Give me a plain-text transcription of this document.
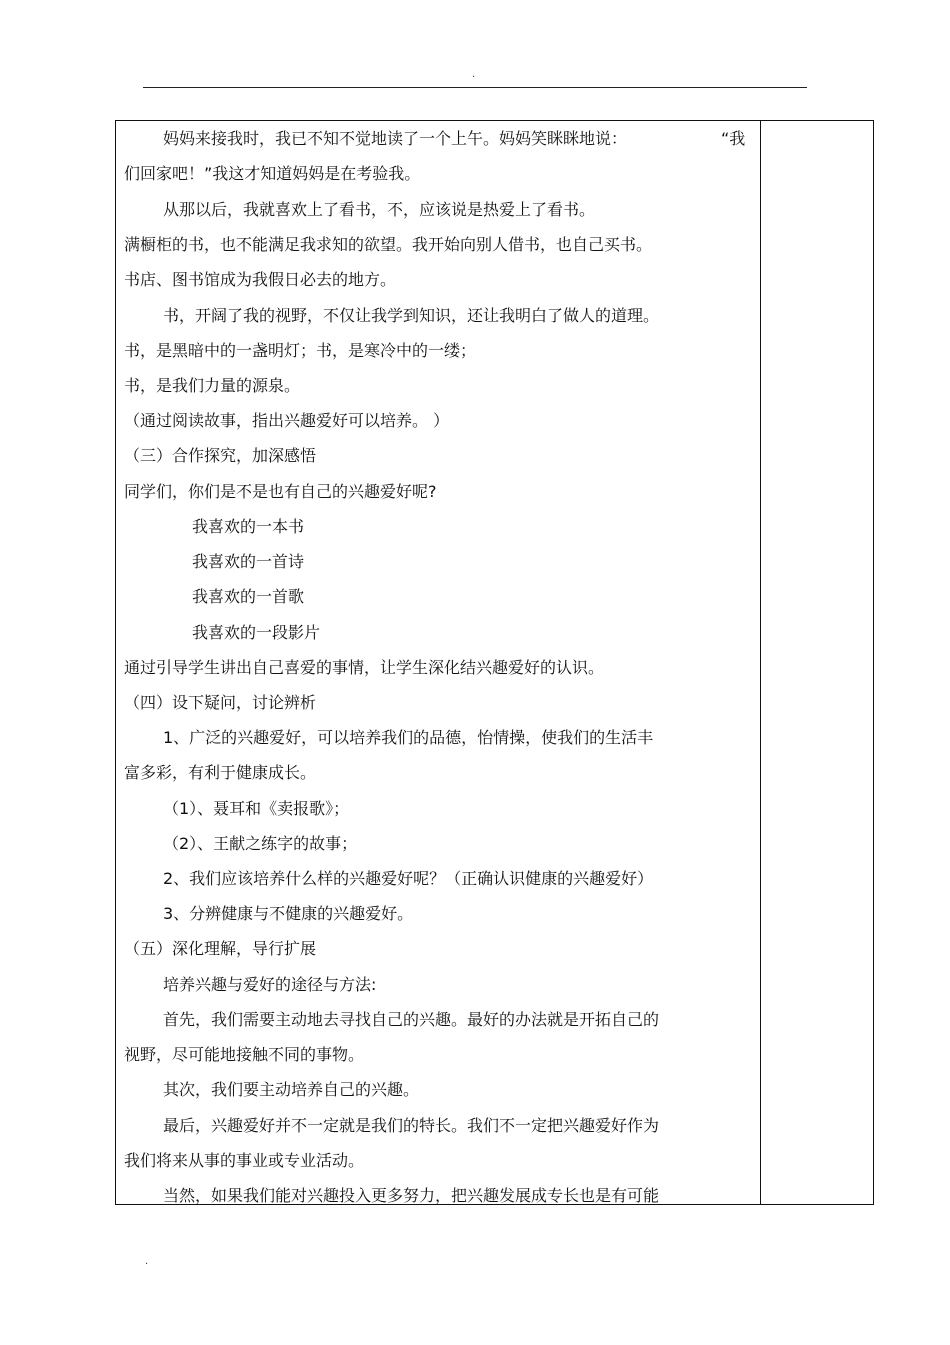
.
妈妈来接我时，我已不知不觉地读了一个上午。妈妈笑眯眯地说：	“我
们回家吧！”我这才知道妈妈是在考验我。
从那以后，我就喜欢上了看书，不，应该说是热爱上了看书。
满橱柜的书，也不能满足我求知的欲望。我开始向别人借书，也自己买书。
书店、图书馆成为我假日必去的地方。
书，开阔了我的视野，不仅让我学到知识，还让我明白了做人的道理。
书，是黑暗中的一盏明灯；书，是寒冷中的一缕；
书，是我们力量的源泉。
（通过阅读故事，指出兴趣爱好可以培养。 ）
（三）合作探究，加深感悟
同学们，你们是不是也有自己的兴趣爱好呢?
我喜欢的一本书
我喜欢的一首诗
我喜欢的一首歌
我喜欢的一段影片
通过引导学生讲出自己喜爱的事情，让学生深化结兴趣爱好的认识。
（四）设下疑问，讨论辨析
1、广泛的兴趣爱好，可以培养我们的品德，怡情操，使我们的生活丰
富多彩，有利于健康成长。
（1）、聂耳和《卖报歌》；
（2）、王献之练字的故事；
2、我们应该培养什么样的兴趣爱好呢？（正确认识健康的兴趣爱好）
3、分辨健康与不健康的兴趣爱好。
（五）深化理解，导行扩展
培养兴趣与爱好的途径与方法:
首先，我们需要主动地去寻找自己的兴趣。最好的办法就是开拓自己的
视野，尽可能地接触不同的事物。
其次，我们要主动培养自己的兴趣。
最后，兴趣爱好并不一定就是我们的特长。我们不一定把兴趣爱好作为
我们将来从事的事业或专业活动。
当然，如果我们能对兴趣投入更多努力，把兴趣发展成专长也是有可能
.
